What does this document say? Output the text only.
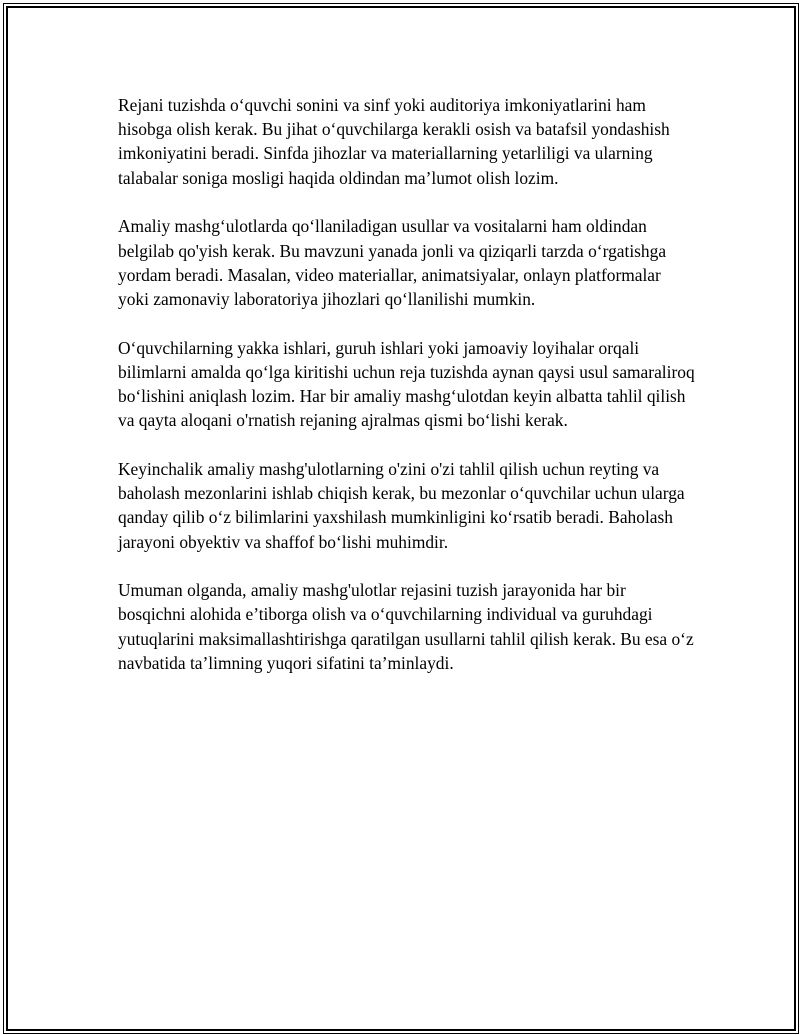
Rejani tuzishda o‘quvchi sonini va sinf yoki auditoriya imkoniyatlarini ham hisobga olish kerak. Bu jihat o‘quvchilarga kerakli osish va batafsil yondashish imkoniyatini beradi. Sinfda jihozlar va materiallarning yetarliligi va ularning talabalar soniga mosligi haqida oldindan ma’lumot olish lozim.

Amaliy mashg‘ulotlarda qo‘llaniladigan usullar va vositalarni ham oldindan belgilab qo'yish kerak. Bu mavzuni yanada jonli va qiziqarli tarzda o‘rgatishga yordam beradi. Masalan, video materiallar, animatsiyalar, onlayn platformalar yoki zamonaviy laboratoriya jihozlari qo‘llanilishi mumkin.

O‘quvchilarning yakka ishlari, guruh ishlari yoki jamoaviy loyihalar orqali bilimlarni amalda qo‘lga kiritishi uchun reja tuzishda aynan qaysi usul samaraliroq bo‘lishini aniqlash lozim. Har bir amaliy mashg‘ulotdan keyin albatta tahlil qilish va qayta aloqani o'rnatish rejaning ajralmas qismi bo‘lishi kerak.

Keyinchalik amaliy mashg'ulotlarning o'zini o'zi tahlil qilish uchun reyting va baholash mezonlarini ishlab chiqish kerak, bu mezonlar o‘quvchilar uchun ularga qanday qilib o‘z bilimlarini yaxshilash mumkinligini ko‘rsatib beradi. Baholash jarayoni obyektiv va shaffof bo‘lishi muhimdir.

Umuman olganda, amaliy mashg'ulotlar rejasini tuzish jarayonida har bir bosqichni alohida e’tiborga olish va o‘quvchilarning individual va guruhdagi yutuqlarini maksimallashtirishga qaratilgan usullarni tahlil qilish kerak. Bu esa o‘z navbatida ta’limning yuqori sifatini ta’minlaydi.
